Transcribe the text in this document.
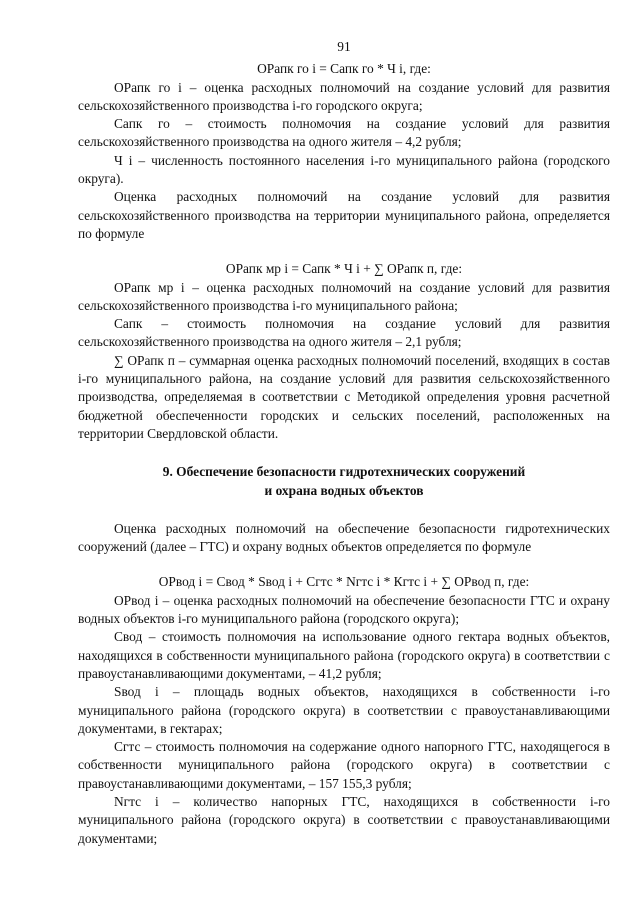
91
ОРапк го i = Сапк го * Ч i, где:

ОРапк го i – оценка расходных полномочий на создание условий для развития сельскохозяйственного производства i-го городского округа;

Сапк го – стоимость полномочия на создание условий для развития сельскохозяйственного производства на одного жителя – 4,2 рубля;

Ч i – численность постоянного населения i-го муниципального района (городского округа).

Оценка расходных полномочий на создание условий для развития сельскохозяйственного производства на территории муниципального района, определяется по формуле

ОРапк мр i = Сапк * Ч i + ∑ ОРапк п, где:

ОРапк мр i – оценка расходных полномочий на создание условий для развития сельскохозяйственного производства i-го муниципального района;

Сапк – стоимость полномочия на создание условий для развития сельскохозяйственного производства на одного жителя – 2,1 рубля;

∑ ОРапк п – суммарная оценка расходных полномочий поселений, входящих в состав i-го муниципального района, на создание условий для развития сельскохозяйственного производства, определяемая в соответствии с Методикой определения уровня расчетной бюджетной обеспеченности городских и сельских поселений, расположенных на территории Свердловской области.

9. Обеспечение безопасности гидротехнических сооружений
и охрана водных объектов

Оценка расходных полномочий на обеспечение безопасности гидротехнических сооружений (далее – ГТС) и охрану водных объектов определяется по формуле

ОРвод i = Свод * Sвод i + Сгтс * Nгтс i * Кгтс i + ∑ ОРвод п, где:

ОРвод i – оценка расходных полномочий на обеспечение безопасности ГТС и охрану водных объектов i-го муниципального района (городского округа);

Свод – стоимость полномочия на использование одного гектара водных объектов, находящихся в собственности муниципального района (городского округа) в соответствии с правоустанавливающими документами, – 41,2 рубля;

Sвод i – площадь водных объектов, находящихся в собственности i-го муниципального района (городского округа) в соответствии с правоустанавливающими документами, в гектарах;

Сгтс – стоимость полномочия на содержание одного напорного ГТС, находящегося в собственности муниципального района (городского округа) в соответствии с правоустанавливающими документами, – 157 155,3 рубля;

Nгтс i – количество напорных ГТС, находящихся в собственности i-го муниципального района (городского округа) в соответствии с правоустанавливающими документами;
